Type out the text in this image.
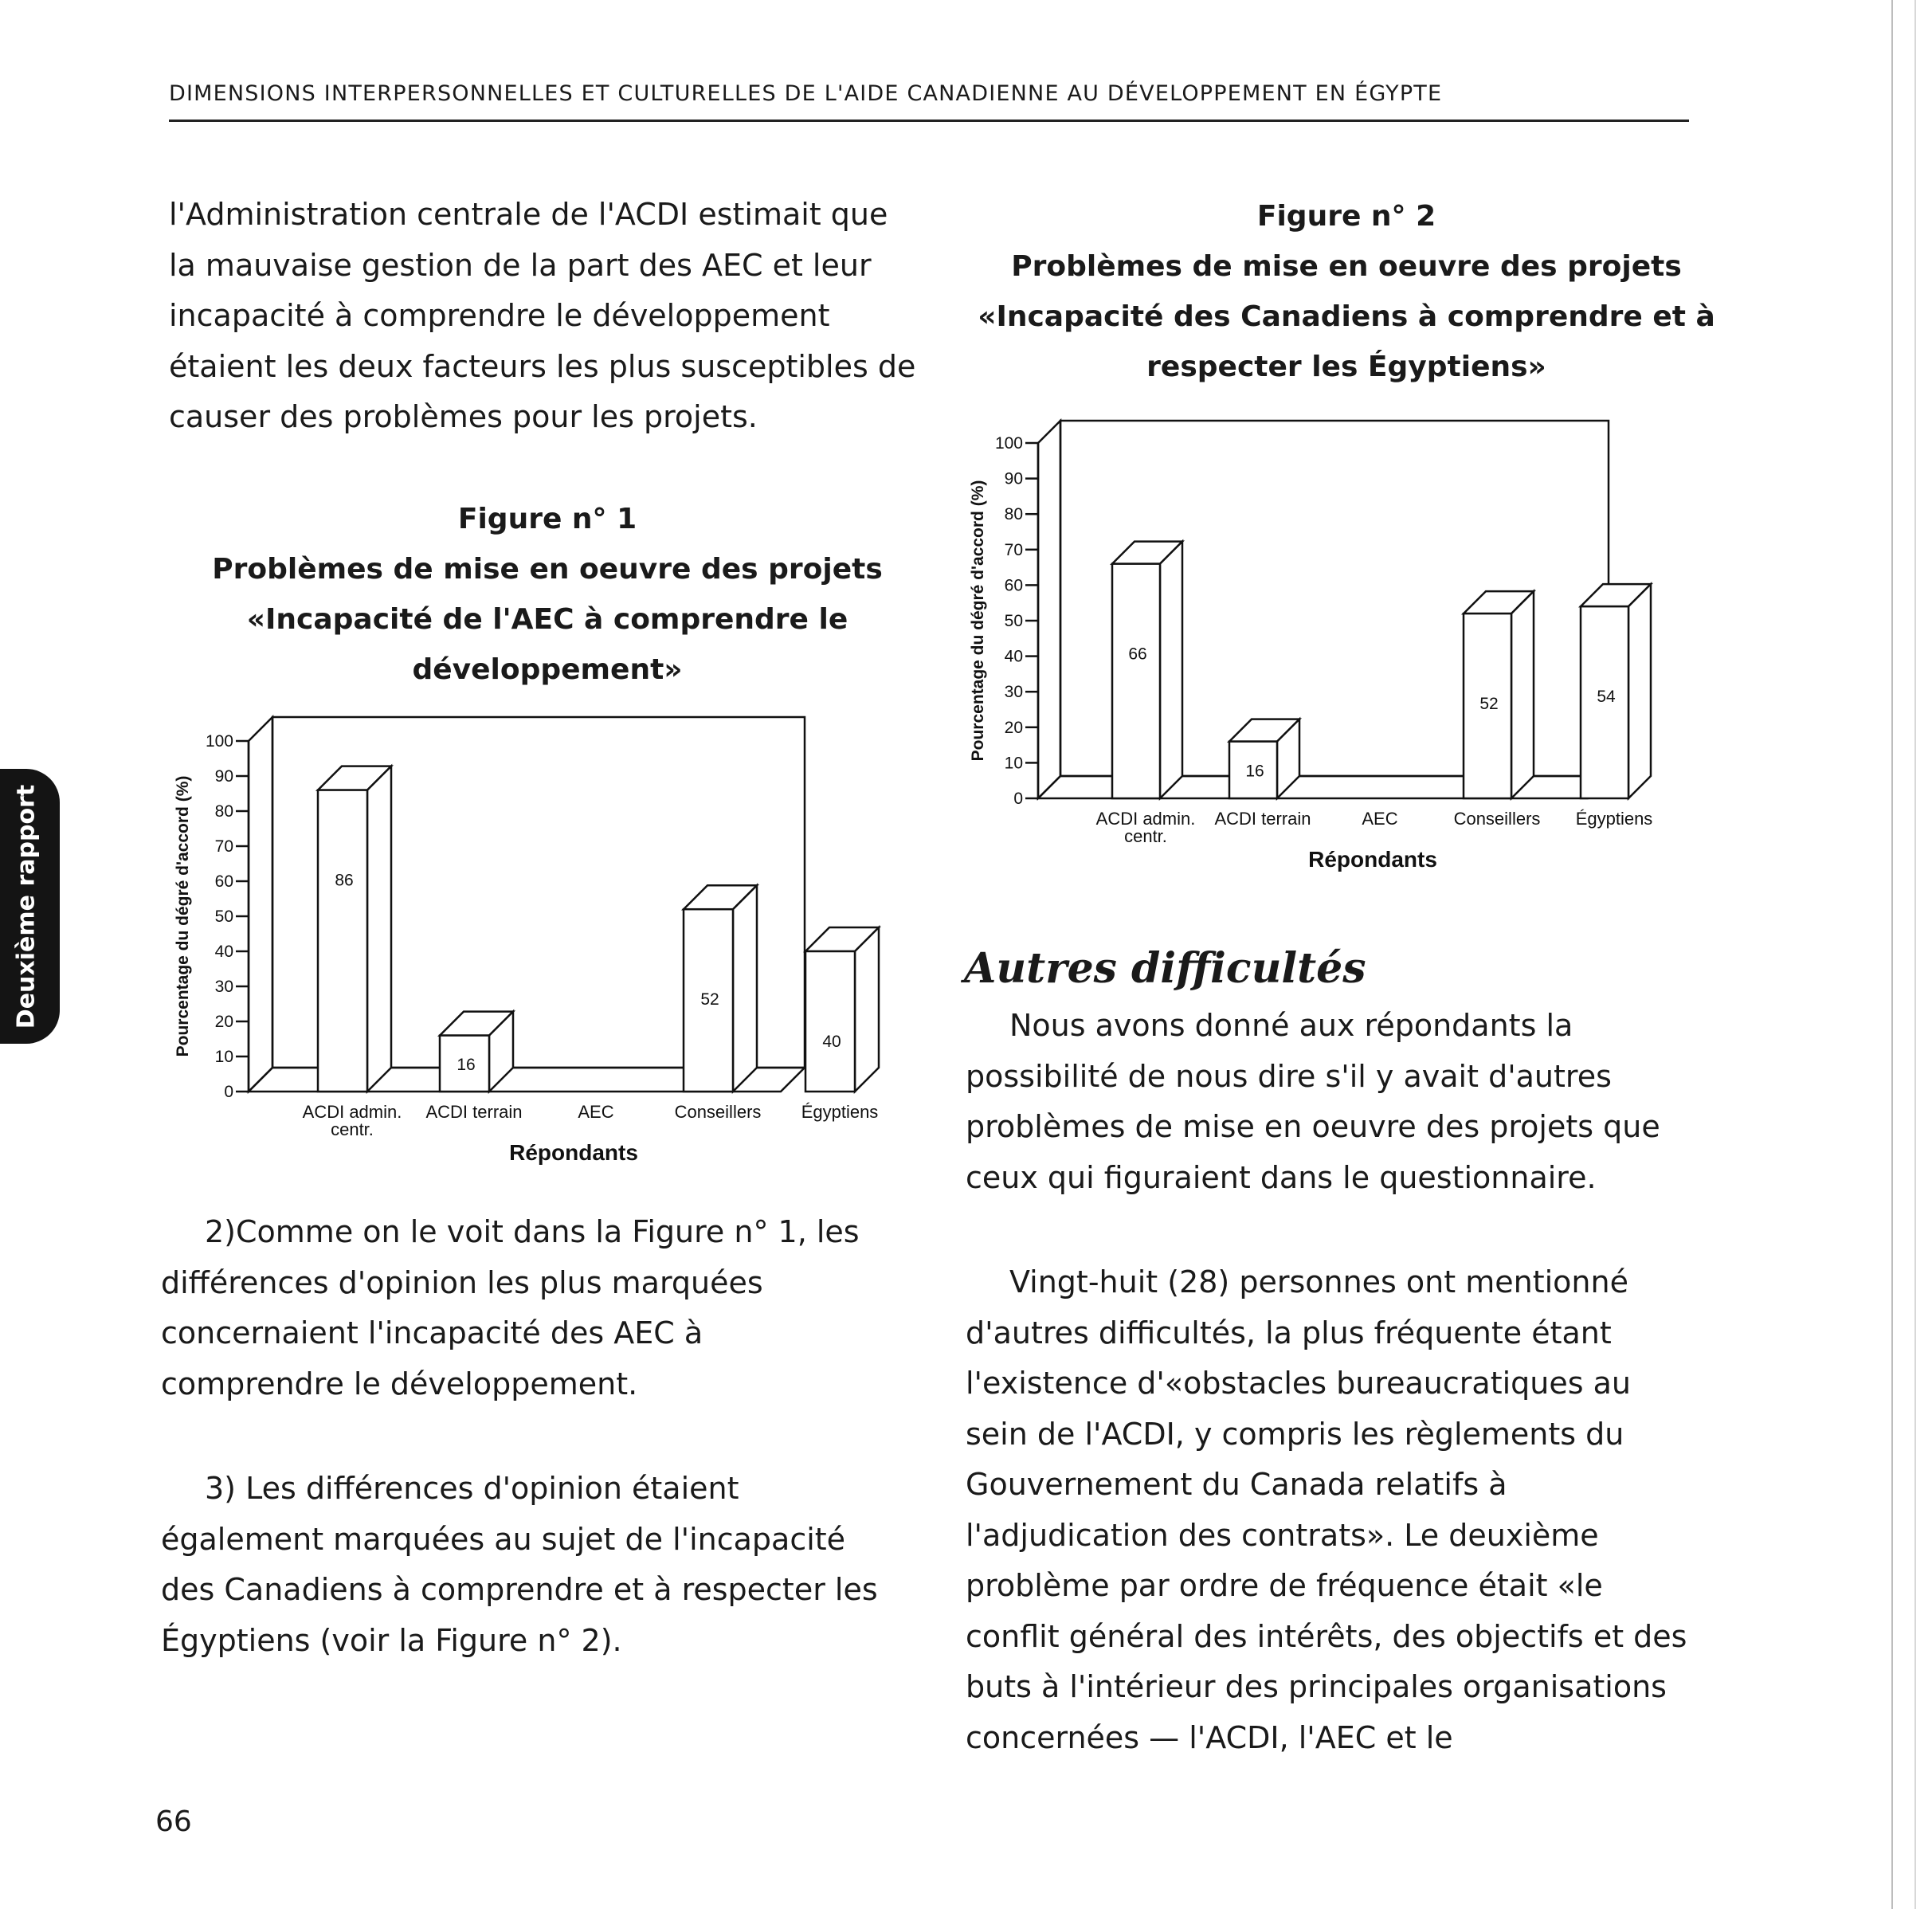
DIMENSIONS INTERPERSONNELLES ET CULTURELLES DE L'AIDE CANADIENNE AU DÉVELOPPEMENT EN ÉGYPTE
Deuxième rapport
l'Administration centrale de l'ACDI estimait que
la mauvaise gestion de la part des AEC et leur
incapacité à comprendre le développement
étaient les deux facteurs les plus susceptibles de
causer des problèmes pour les projets.

Figure n° 1

Problèmes de mise en oeuvre des projets

«Incapacité de l'AEC à comprendre le

développement»

0
10
20
30
40
50
60
70
80
90
100
Pourcentage du dégré d'accord (%)	86
ACDI admin.
centr.
16
ACDI terrain	AEC
52
Conseillers
40
Égyptiens
Répondants
2)Comme on le voit dans la Figure n° 1, les
différences d'opinion les plus marquées
concernaient l'incapacité des AEC à
comprendre le développement.
3) Les différences d'opinion étaient
également marquées au sujet de l'incapacité
des Canadiens à comprendre et à respecter les
Égyptiens (voir la Figure n° 2).
66

Figure n° 2

Problèmes de mise en oeuvre des projets

«Incapacité des Canadiens à comprendre et à

respecter les Égyptiens»

0
10
20
30
40
50
60
70
80
90
100
Pourcentage du dégré d'accord (%)	66
ACDI admin.
centr.
16
ACDI terrain	AEC
52
Conseillers
54
Égyptiens
Répondants
Autres difficultés
Nous avons donné aux répondants la
possibilité de nous dire s'il y avait d'autres
problèmes de mise en oeuvre des projets que
ceux qui figuraient dans le questionnaire.
Vingt-huit (28) personnes ont mentionné
d'autres difficultés, la plus fréquente étant
l'existence d'«obstacles bureaucratiques au
sein de l'ACDI, y compris les règlements du
Gouvernement du Canada relatifs à
l'adjudication des contrats». Le deuxième
problème par ordre de fréquence était «le
conflit général des intérêts, des objectifs et des
buts à l'intérieur des principales organisations
concernées — l'ACDI, l'AEC et le
